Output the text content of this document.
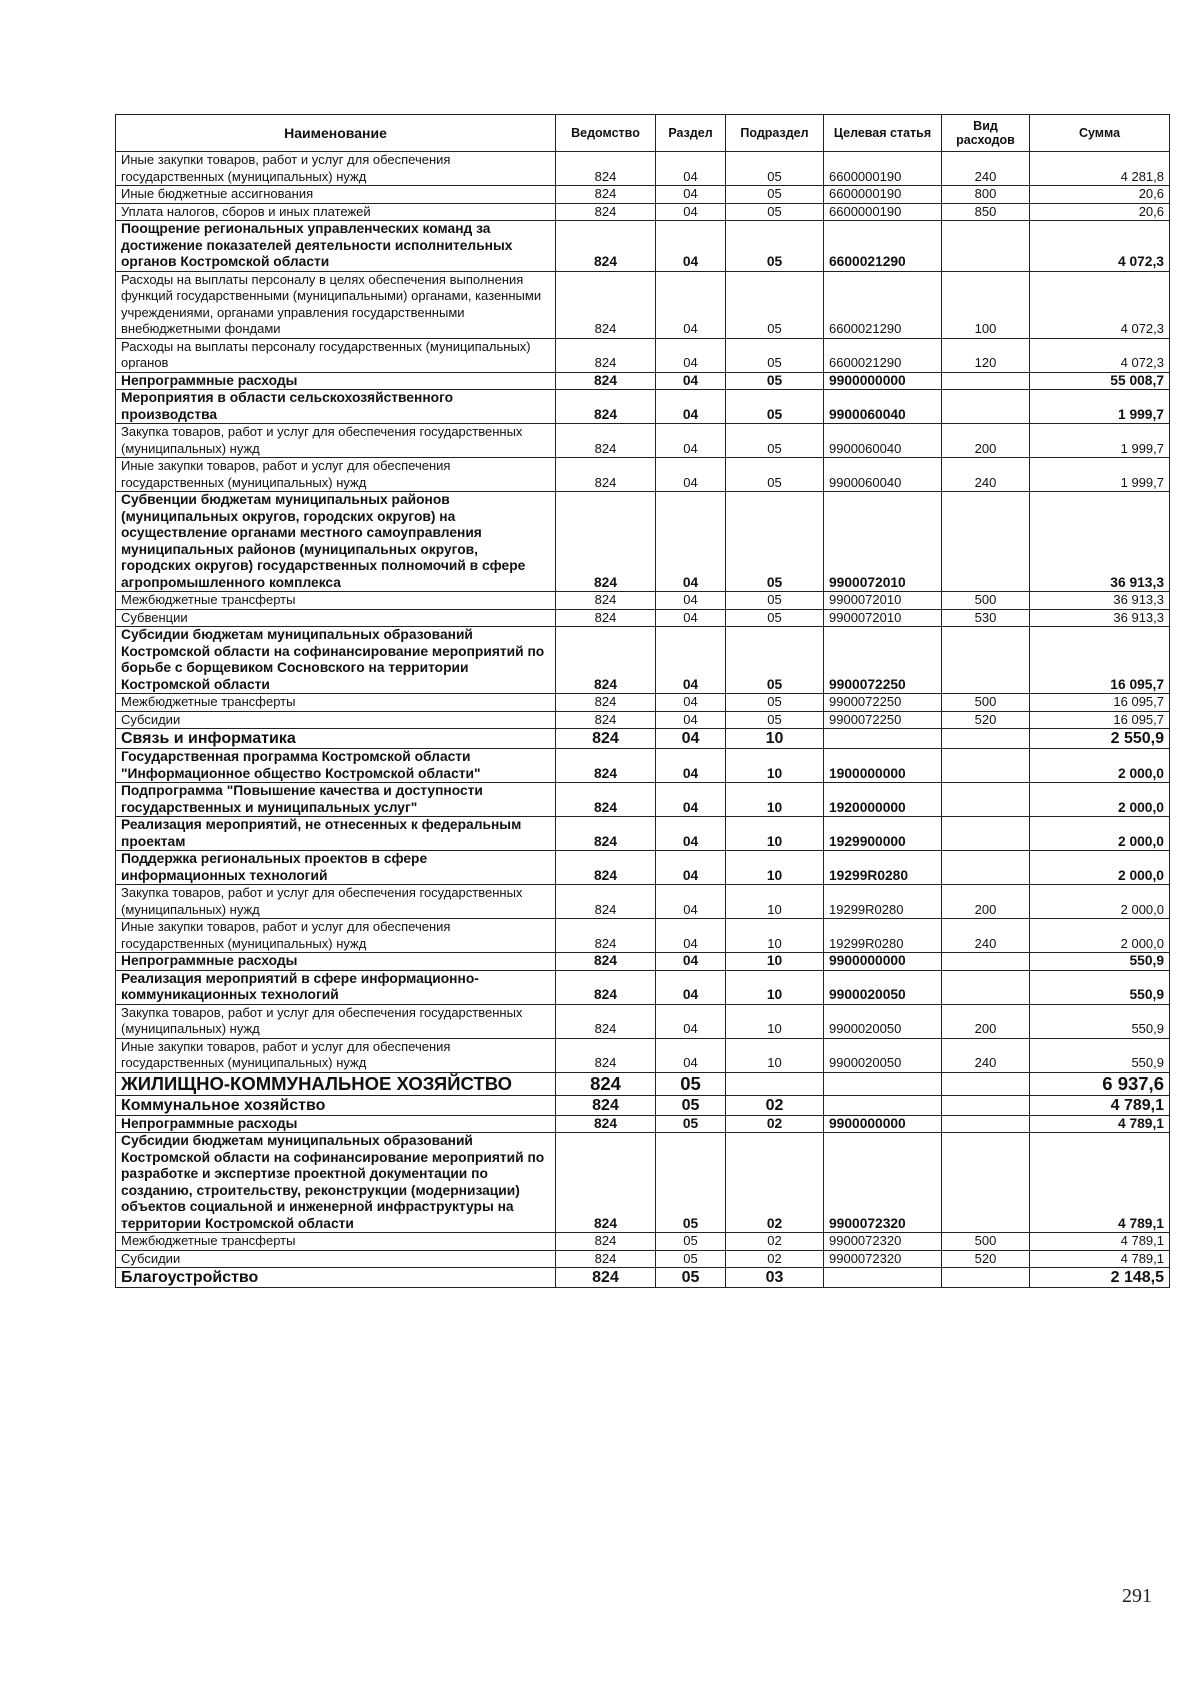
Наименование	Ведомство	Раздел	Подраздел	Целевая статья	Вид расходов	Сумма
Иные закупки товаров, работ и услуг для обеспечения государственных (муниципальных) нужд	824	04	05	6600000190	240	4 281,8
Иные бюджетные ассигнования	824	04	05	6600000190	800	20,6
Уплата налогов, сборов и иных платежей	824	04	05	6600000190	850	20,6
Поощрение региональных управленческих команд за достижение показателей деятельности исполнительных органов Костромской области	824	04	05	6600021290		4 072,3
Расходы на выплаты персоналу в целях обеспечения выполнения функций государственными (муниципальными) органами, казенными учреждениями, органами управления государственными внебюджетными фондами	824	04	05	6600021290	100	4 072,3
Расходы на выплаты персоналу государственных (муниципальных) органов	824	04	05	6600021290	120	4 072,3
Непрограммные расходы	824	04	05	9900000000		55 008,7
Мероприятия в области сельскохозяйственного производства	824	04	05	9900060040		1 999,7
Закупка товаров, работ и услуг для обеспечения государственных (муниципальных) нужд	824	04	05	9900060040	200	1 999,7
Иные закупки товаров, работ и услуг для обеспечения государственных (муниципальных) нужд	824	04	05	9900060040	240	1 999,7
Субвенции бюджетам муниципальных районов (муниципальных округов, городских округов) на осуществление органами местного самоуправления муниципальных районов (муниципальных округов, городских округов) государственных полномочий в сфере агропромышленного комплекса	824	04	05	9900072010		36 913,3
Межбюджетные трансферты	824	04	05	9900072010	500	36 913,3
Субвенции	824	04	05	9900072010	530	36 913,3
Субсидии бюджетам муниципальных образований Костромской области на софинансирование мероприятий по борьбе с борщевиком Сосновского на территории Костромской области	824	04	05	9900072250		16 095,7
Межбюджетные трансферты	824	04	05	9900072250	500	16 095,7
Субсидии	824	04	05	9900072250	520	16 095,7
Связь и информатика	824	04	10			2 550,9
Государственная программа Костромской области "Информационное общество Костромской области"	824	04	10	1900000000		2 000,0
Подпрограмма "Повышение качества и доступности государственных и муниципальных услуг"	824	04	10	1920000000		2 000,0
Реализация мероприятий, не отнесенных к федеральным проектам	824	04	10	1929900000		2 000,0
Поддержка региональных проектов в сфере информационных технологий	824	04	10	19299R0280		2 000,0
Закупка товаров, работ и услуг для обеспечения государственных (муниципальных) нужд	824	04	10	19299R0280	200	2 000,0
Иные закупки товаров, работ и услуг для обеспечения государственных (муниципальных) нужд	824	04	10	19299R0280	240	2 000,0
Непрограммные расходы	824	04	10	9900000000		550,9
Реализация мероприятий в сфере информационно-коммуникационных технологий	824	04	10	9900020050		550,9
Закупка товаров, работ и услуг для обеспечения государственных (муниципальных) нужд	824	04	10	9900020050	200	550,9
Иные закупки товаров, работ и услуг для обеспечения государственных (муниципальных) нужд	824	04	10	9900020050	240	550,9
ЖИЛИЩНО-КОММУНАЛЬНОЕ ХОЗЯЙСТВО	824	05				6 937,6
Коммунальное хозяйство	824	05	02			4 789,1
Непрограммные расходы	824	05	02	9900000000		4 789,1
Субсидии бюджетам муниципальных образований Костромской области на софинансирование мероприятий по разработке и экспертизе проектной документации по созданию, строительству, реконструкции (модернизации) объектов социальной и инженерной инфраструктуры на территории Костромской области	824	05	02	9900072320		4 789,1
Межбюджетные трансферты	824	05	02	9900072320	500	4 789,1
Субсидии	824	05	02	9900072320	520	4 789,1
Благоустройство	824	05	03			2 148,5
291
